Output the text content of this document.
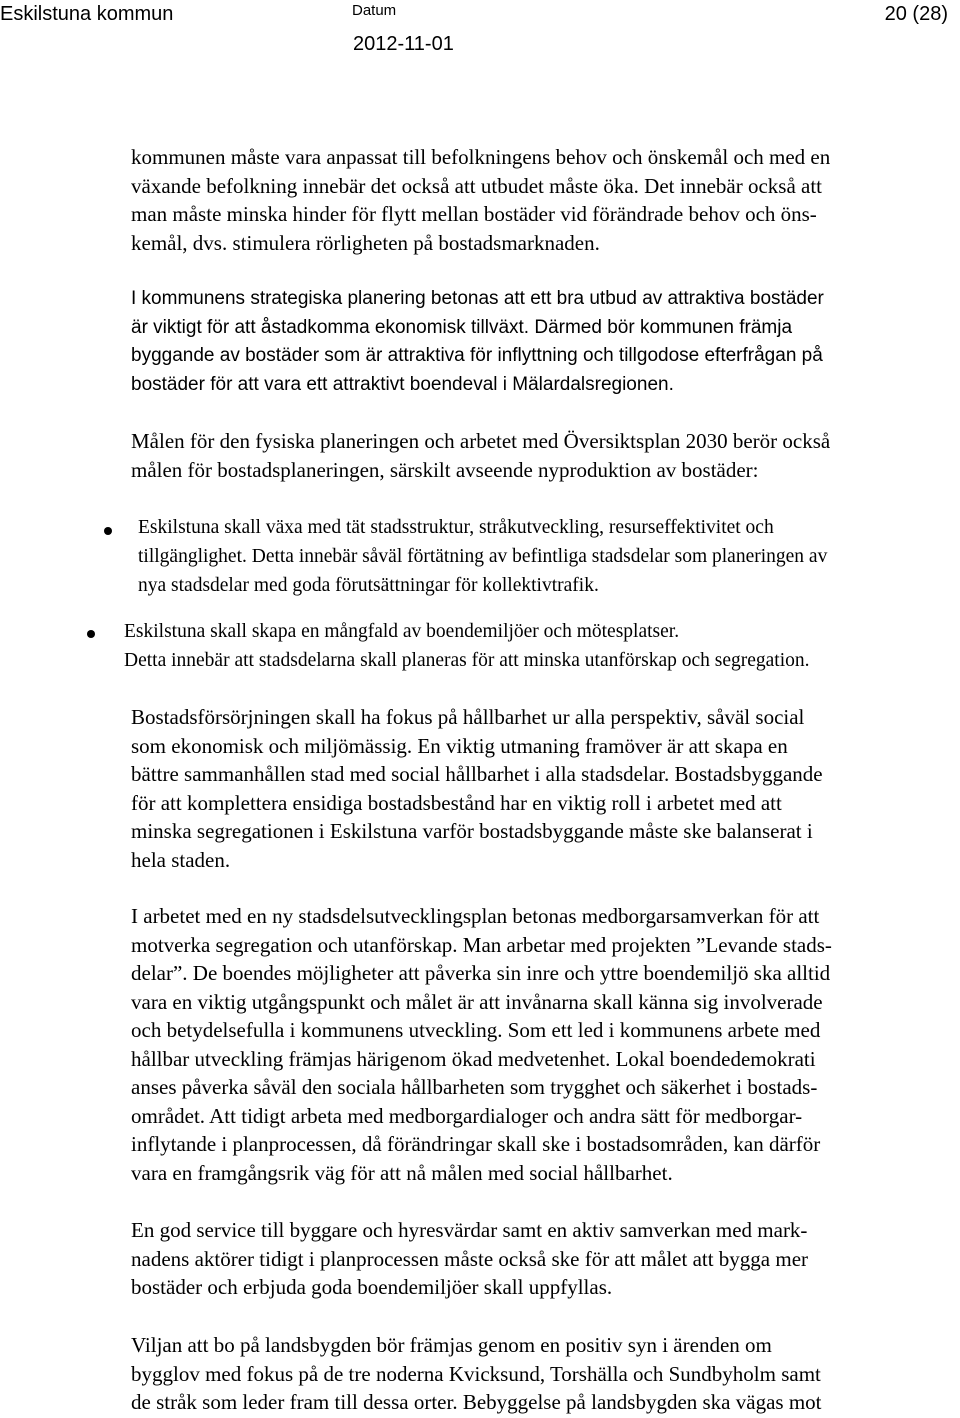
Eskilstuna kommun	Datum
2012-11-01
20 (28)

kommunen måste vara anpassat till befolkningens behov och önskemål och med en
växande befolkning innebär det också att utbudet måste öka. Det innebär också att
man måste minska hinder för flytt mellan bostäder vid förändrade behov och öns-
kemål, dvs. stimulera rörligheten på bostadsmarknaden.

I kommunens strategiska planering betonas att ett bra utbud av attraktiva bostäder
är viktigt för att åstadkomma ekonomisk tillväxt. Därmed bör kommunen främja
byggande av bostäder som är attraktiva för inflyttning och tillgodose efterfrågan på
bostäder för att vara ett attraktivt boendeval i Mälardalsregionen.

Målen för den fysiska planeringen och arbetet med Översiktsplan 2030 berör också
målen för bostadsplaneringen, särskilt avseende nyproduktion av bostäder:

Eskilstuna skall växa med tät stadsstruktur, stråkutveckling, resurseffektivitet och
tillgänglighet. Detta innebär såväl förtätning av befintliga stadsdelar som planeringen av
nya stadsdelar med goda förutsättningar för kollektivtrafik.

Eskilstuna skall skapa en mångfald av boendemiljöer och mötesplatser.
Detta innebär att stadsdelarna skall planeras för att minska utanförskap och segregation.

Bostadsförsörjningen skall ha fokus på hållbarhet ur alla perspektiv, såväl social
som ekonomisk och miljömässig. En viktig utmaning framöver är att skapa en
bättre sammanhållen stad med social hållbarhet i alla stadsdelar. Bostadsbyggande
för att komplettera ensidiga bostadsbestånd har en viktig roll i arbetet med att
minska segregationen i Eskilstuna varför bostadsbyggande måste ske balanserat i
hela staden.

I arbetet med en ny stadsdelsutvecklingsplan betonas medborgarsamverkan för att
motverka segregation och utanförskap. Man arbetar med projekten ”Levande stads-
delar”. De boendes möjligheter att påverka sin inre och yttre boendemiljö ska alltid
vara en viktig utgångspunkt och målet är att invånarna skall känna sig involverade
och betydelsefulla i kommunens utveckling. Som ett led i kommunens arbete med
hållbar utveckling främjas härigenom ökad medvetenhet. Lokal boendedemokrati
anses påverka såväl den sociala hållbarheten som trygghet och säkerhet i bostads-
området. Att tidigt arbeta med medborgardialoger och andra sätt för medborgar-
inflytande i planprocessen, då förändringar skall ske i bostadsområden, kan därför
vara en framgångsrik väg för att nå målen med social hållbarhet.

En god service till byggare och hyresvärdar samt en aktiv samverkan med mark-
nadens aktörer tidigt i planprocessen måste också ske för att målet att bygga mer
bostäder och erbjuda goda boendemiljöer skall uppfyllas.

Viljan att bo på landsbygden bör främjas genom en positiv syn i ärenden om
bygglov med fokus på de tre noderna Kvicksund, Torshälla och Sundbyholm samt
de stråk som leder fram till dessa orter. Bebyggelse på landsbygden ska vägas mot
